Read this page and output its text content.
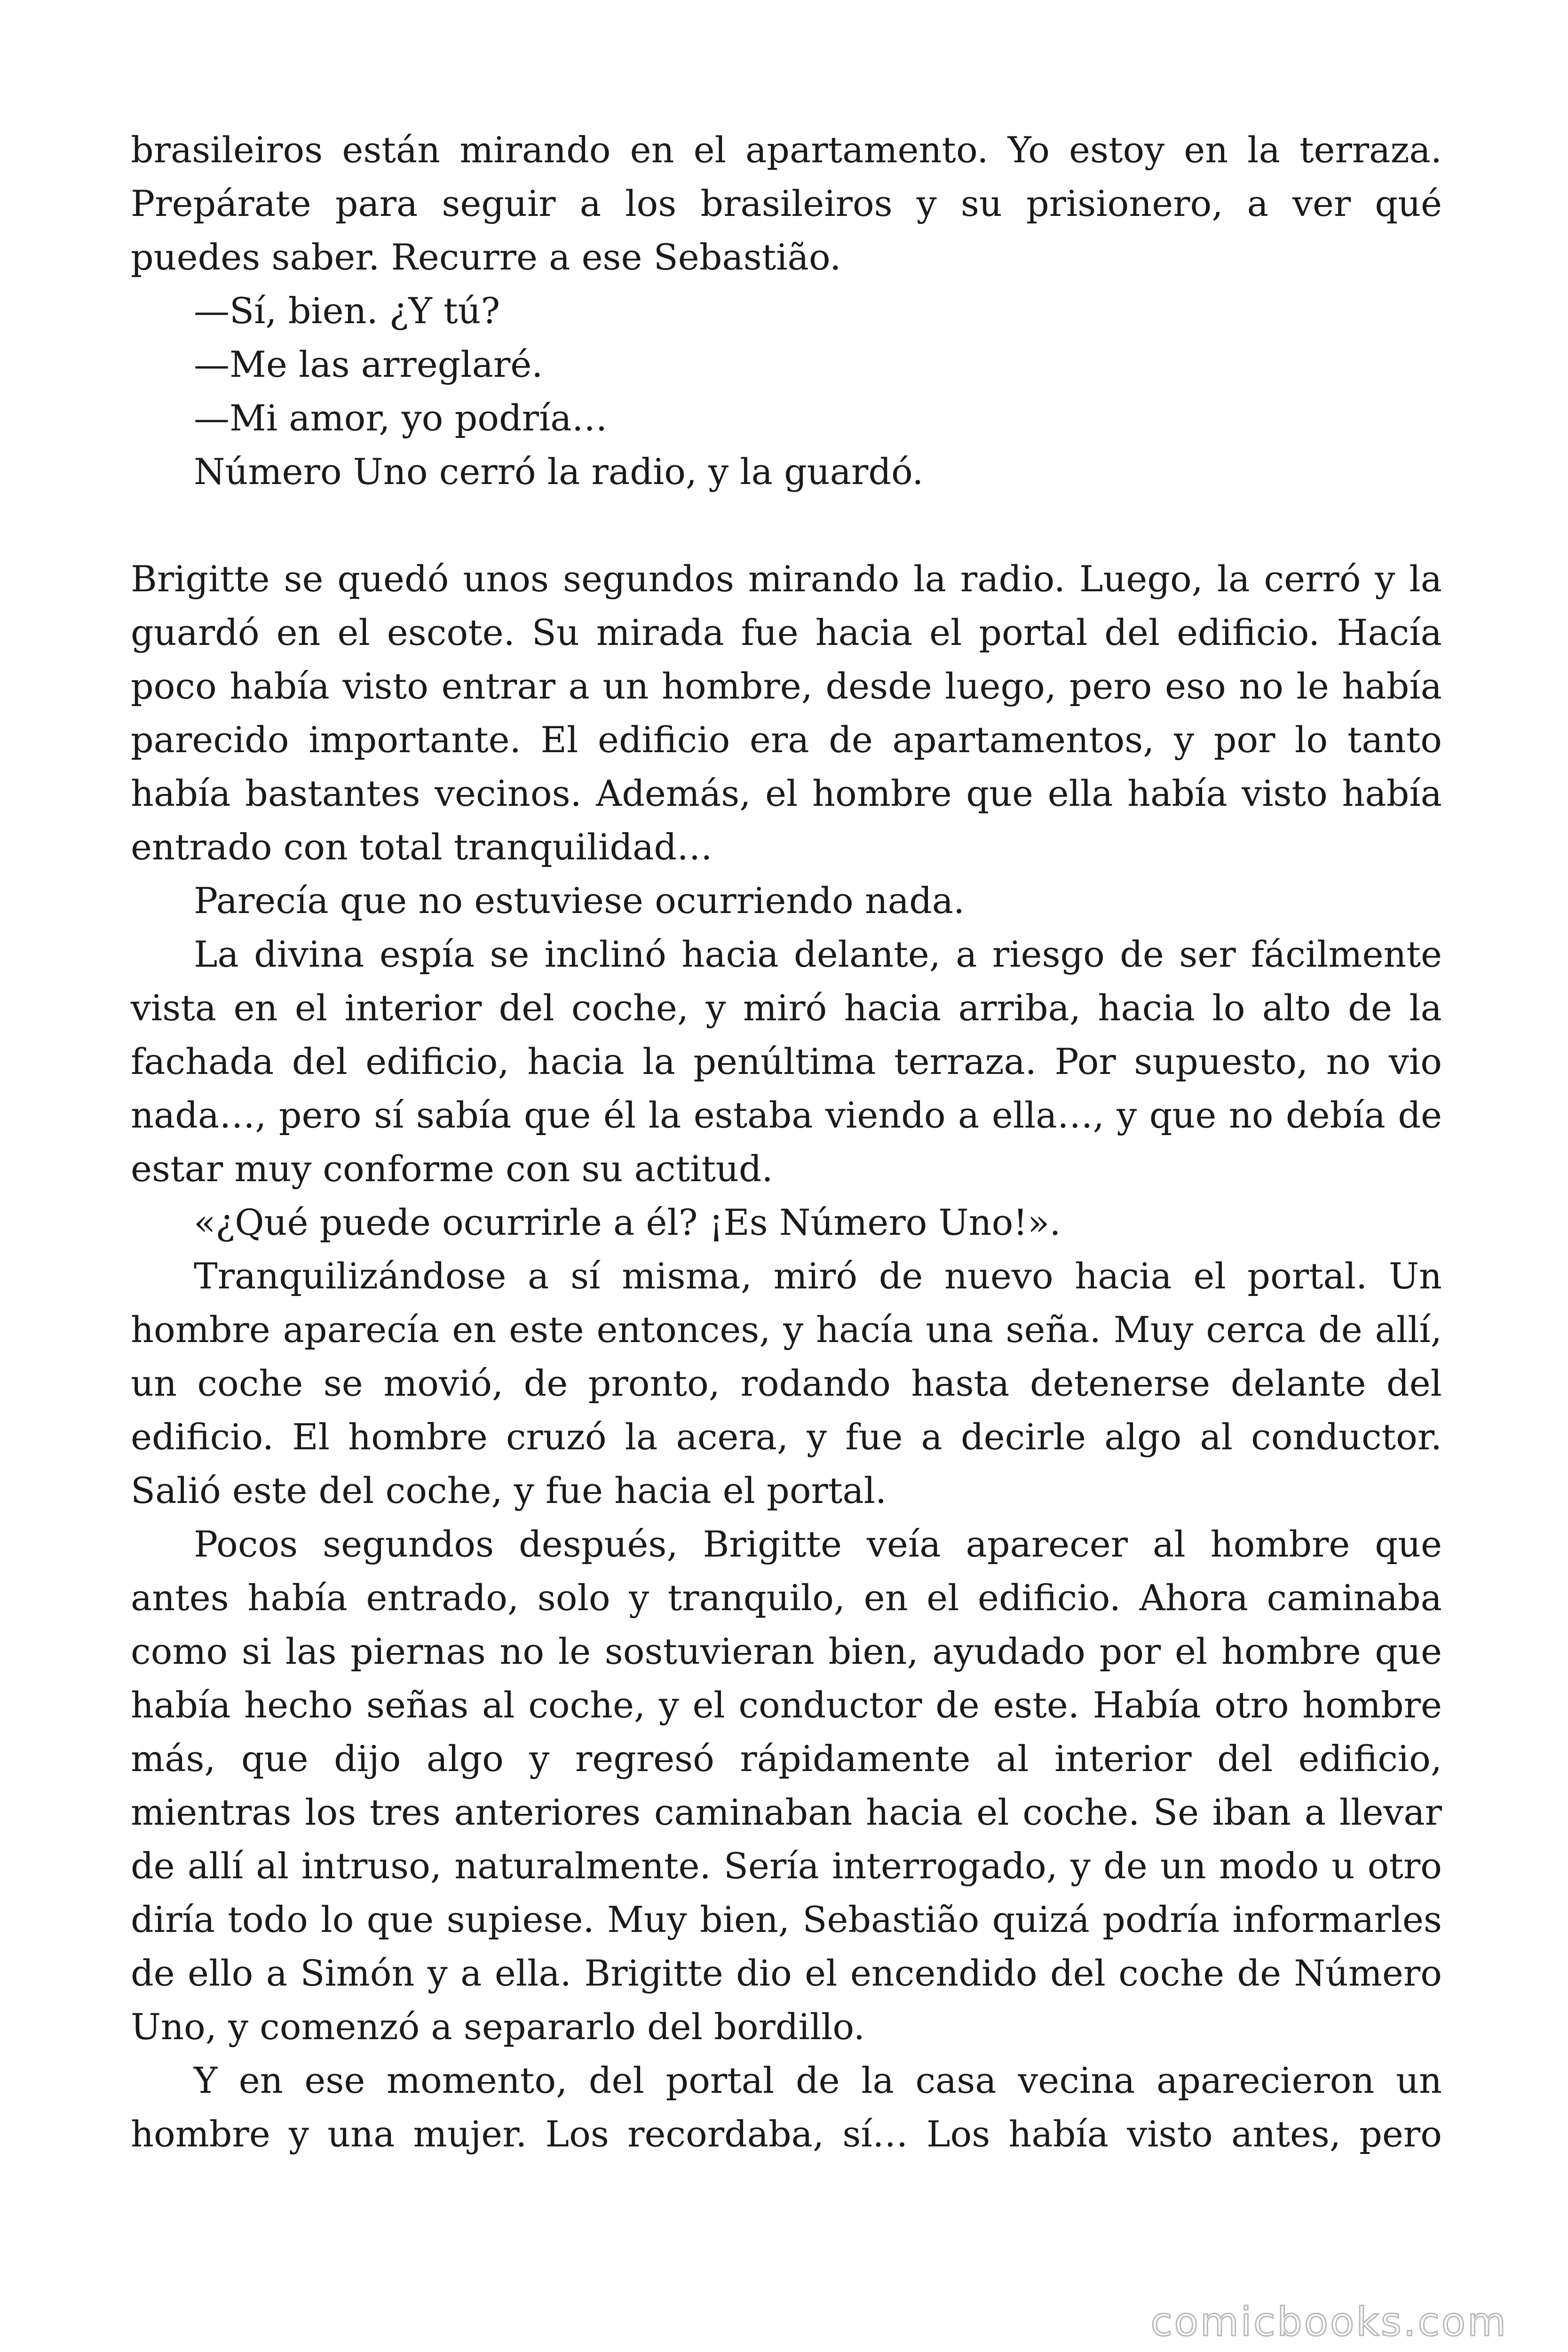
brasileiros están mirando en el apartamento. Yo estoy en la terraza. Prepárate para seguir a los brasileiros y su prisionero, a ver qué puedes saber. Recurre a ese Sebastião.

—Sí, bien. ¿Y tú?

—Me las arreglaré.

—Mi amor, yo podría…

Número Uno cerró la radio, y la guardó.

Brigitte se quedó unos segundos mirando la radio. Luego, la cerró y la guardó en el escote. Su mirada fue hacia el portal del edificio. Hacía poco había visto entrar a un hombre, desde luego, pero eso no le había parecido importante. El edificio era de apartamentos, y por lo tanto había bastantes vecinos. Además, el hombre que ella había visto había entrado con total tranquilidad…

Parecía que no estuviese ocurriendo nada.

La divina espía se inclinó hacia delante, a riesgo de ser fácilmente vista en el interior del coche, y miró hacia arriba, hacia lo alto de la fachada del edificio, hacia la penúltima terraza. Por supuesto, no vio nada…, pero sí sabía que él la estaba viendo a ella…, y que no debía de estar muy conforme con su actitud.

«¿Qué puede ocurrirle a él? ¡Es Número Uno!».

Tranquilizándose a sí misma, miró de nuevo hacia el portal. Un hombre aparecía en este entonces, y hacía una seña. Muy cerca de allí, un coche se movió, de pronto, rodando hasta detenerse delante del edificio. El hombre cruzó la acera, y fue a decirle algo al conductor. Salió este del coche, y fue hacia el portal.

Pocos segundos después, Brigitte veía aparecer al hombre que antes había entrado, solo y tranquilo, en el edificio. Ahora caminaba como si las piernas no le sostuvieran bien, ayudado por el hombre que había hecho señas al coche, y el conductor de este. Había otro hombre más, que dijo algo y regresó rápidamente al interior del edificio, mientras los tres anteriores caminaban hacia el coche. Se iban a llevar de allí al intruso, naturalmente. Sería interrogado, y de un modo u otro diría todo lo que supiese. Muy bien, Sebastião quizá podría informarles de ello a Simón y a ella. Brigitte dio el encendido del coche de Número Uno, y comenzó a separarlo del bordillo.

Y en ese momento, del portal de la casa vecina aparecieron un hombre y una mujer. Los recordaba, sí… Los había visto antes, pero

comicbooks.com
